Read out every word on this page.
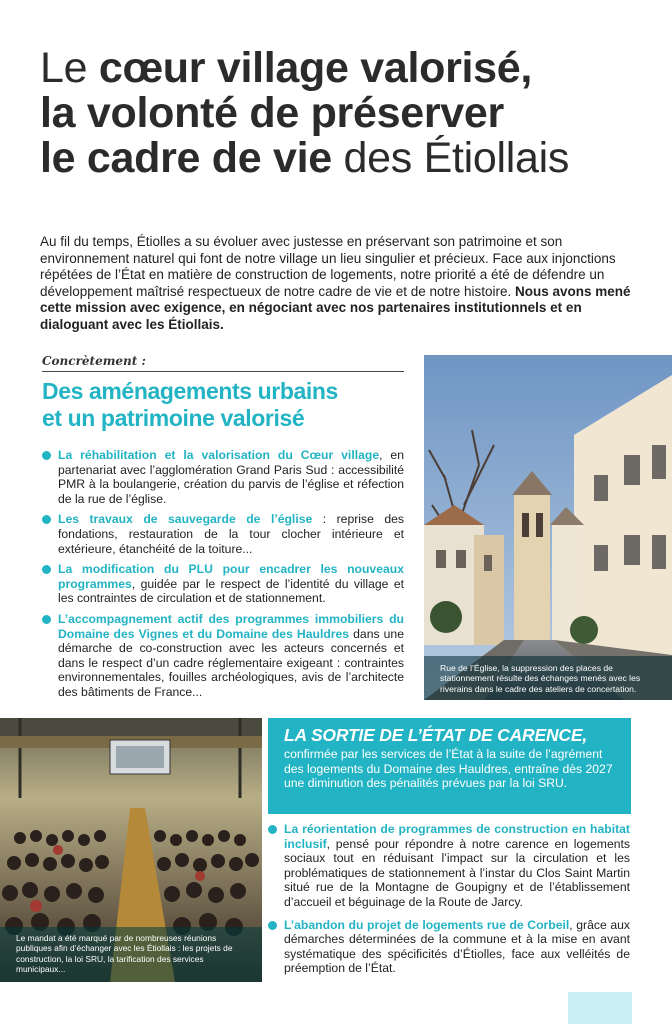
Le cœur village valorisé,
la volonté de préserver
le cadre de vie des Étiollais
Au fil du temps, Étiolles a su évoluer avec justesse en préservant son patrimoine et son environnement naturel qui font de notre village un lieu singulier et précieux. Face aux injonctions répétées de l’État en matière de construction de logements, notre priorité a été de défendre un développement maîtrisé respectueux de notre cadre de vie et de notre histoire. Nous avons mené cette mission avec exigence, en négociant avec nos partenaires institutionnels et en dialoguant avec les Étiollais.
Concrètement :
Des aménagements urbains
et un patrimoine valorisé
La réhabilitation et la valorisation du Cœur village, en partenariat avec l’agglomération Grand Paris Sud : accessibilité PMR à la boulangerie, création du parvis de l’église et réfection de la rue de l’église.
Les travaux de sauvegarde de l’église : reprise des fondations, restauration de la tour clocher intérieure et extérieure, étanchéité de la toiture...
La modification du PLU pour encadrer les nouveaux programmes, guidée par le respect de l’identité du village et les contraintes de circulation et de stationnement.
L’accompagnement actif des programmes immobiliers du Domaine des Vignes et du Domaine des Hauldres dans une démarche de co-construction avec les acteurs concernés et dans le respect d’un cadre réglementaire exigeant : contraintes environnementales, fouilles archéologiques, avis de l’architecte des bâtiments de France...
Rue de l’Église, la suppression des places de stationnement résulte des échanges menés avec les riverains dans le cadre des ateliers de concertation.
Le mandat a été marqué par de nombreuses réunions publiques afin d’échanger avec les Étiollais : les projets de construction, la loi SRU, la tarification des services municipaux...
LA SORTIE DE L’ÉTAT DE CARENCE,
confirmée par les services de l’État à la suite de l’agrément des logements du Domaine des Hauldres, entraîne dès 2027 une diminution des pénalités prévues par la loi SRU.
La réorientation de programmes de construction en habitat inclusif, pensé pour répondre à notre carence en logements sociaux tout en réduisant l’impact sur la circulation et les problématiques de stationnement à l’instar du Clos Saint Martin situé rue de la Montagne de Goupigny et de l’établissement d’accueil et béguinage de la Route de Jarcy.
L’abandon du projet de logements rue de Corbeil, grâce aux démarches déterminées de la commune et à la mise en avant systématique des spécificités d’Étiolles, face aux velléités de préemption de l’État.
